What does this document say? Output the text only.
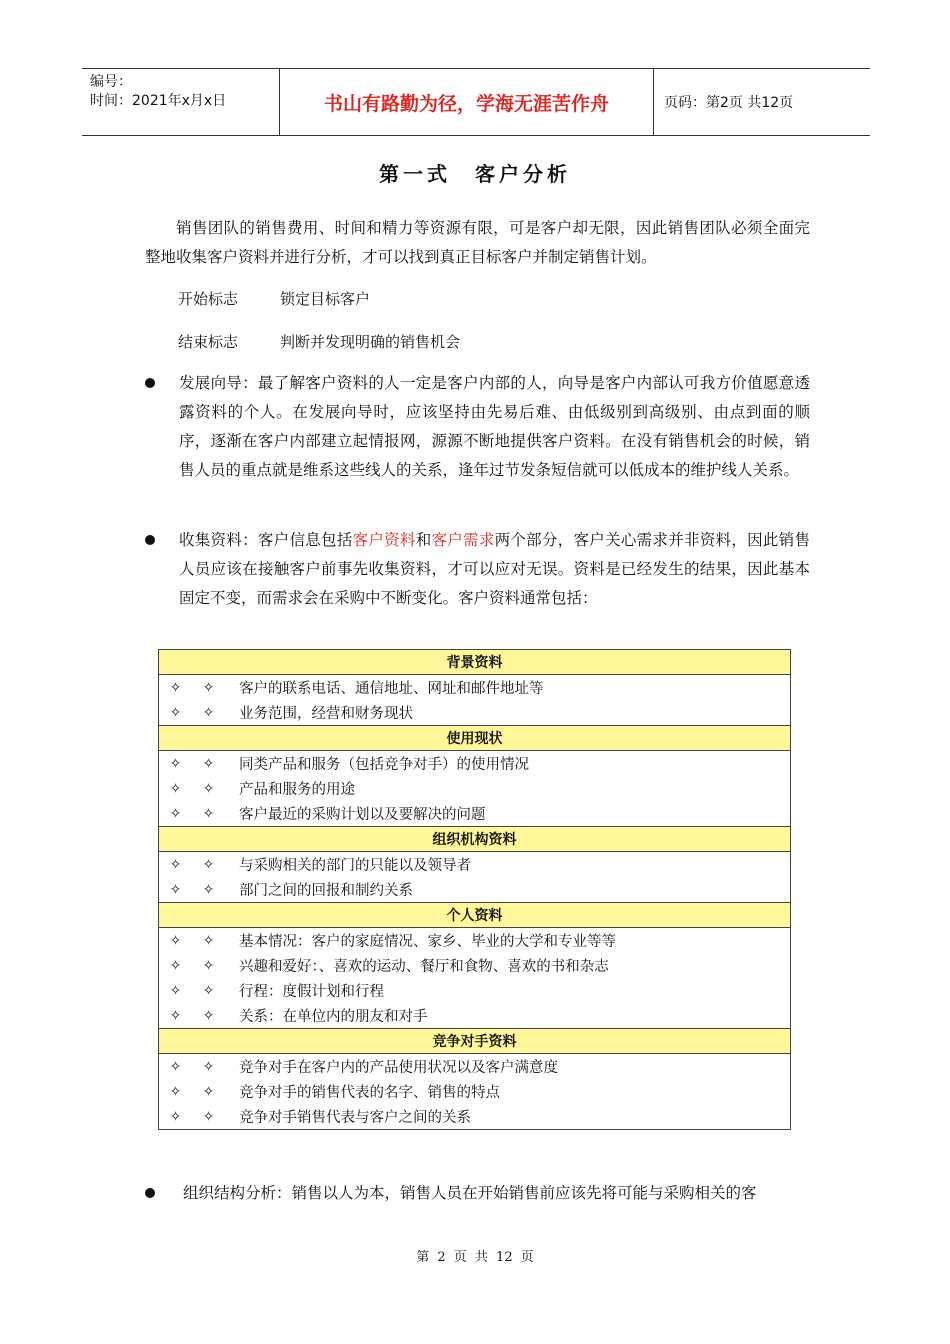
编号：
时间：2021年x月x日	书山有路勤为径，学海无涯苦作舟	页码：第2页 共12页
第一式　客户分析
销售团队的销售费用、时间和精力等资源有限，可是客户却无限，因此销售团队必须全面完整地收集客户资料并进行分析，才可以找到真正目标客户并制定销售计划。
开始标志	锁定目标客户
结束标志	判断并发现明确的销售机会
发展向导：最了解客户资料的人一定是客户内部的人，向导是客户内部认可我方价值愿意透露资料的个人。在发展向导时，应该坚持由先易后难、由低级别到高级别、由点到面的顺序，逐渐在客户内部建立起情报网，源源不断地提供客户资料。在没有销售机会的时候，销售人员的重点就是维系这些线人的关系，逢年过节发条短信就可以低成本的维护线人关系。
收集资料：客户信息包括客户资料和客户需求两个部分，客户关心需求并非资料，因此销售人员应该在接触客户前事先收集资料，才可以应对无误。资料是已经发生的结果，因此基本固定不变，而需求会在采购中不断变化。客户资料通常包括：
背景资料

✧	✧	客户的联系电话、通信地址、网址和邮件地址等
✧	✧	业务范围，经营和财务现状

使用现状

✧	✧	同类产品和服务（包括竞争对手）的使用情况
✧	✧	产品和服务的用途
✧	✧	客户最近的采购计划以及要解决的问题

组织机构资料

✧	✧	与采购相关的部门的只能以及领导者
✧	✧	部门之间的回报和制约关系

个人资料

✧	✧	基本情况：客户的家庭情况、家乡、毕业的大学和专业等等
✧	✧	兴趣和爱好：、喜欢的运动、餐厅和食物、喜欢的书和杂志
✧	✧	行程：度假计划和行程
✧	✧	关系：在单位内的朋友和对手

竞争对手资料

✧	✧	竞争对手在客户内的产品使用状况以及客户满意度
✧	✧	竞争对手的销售代表的名字、销售的特点
✧	✧	竞争对手销售代表与客户之间的关系
组织结构分析：销售以人为本，销售人员在开始销售前应该先将可能与采购相关的客
第 2 页 共 12 页
